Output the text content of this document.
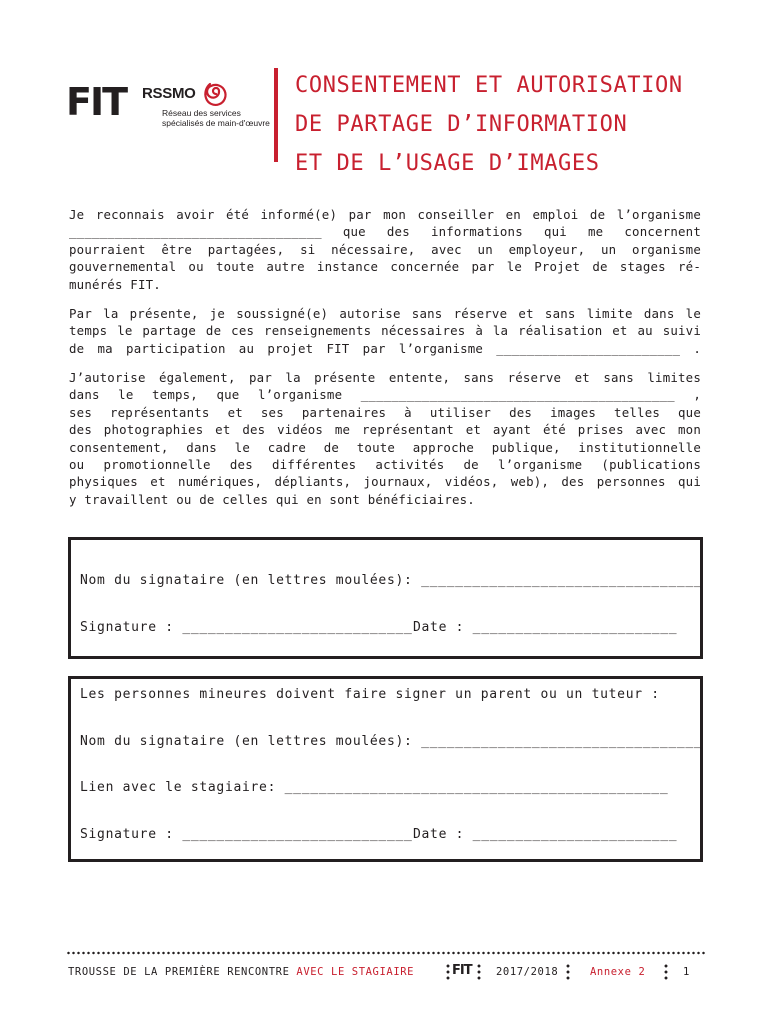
FIT RSSMO
Réseau des services
spécialisés de main-d'œuvre
CONSENTEMENT ET AUTORISATION
DE PARTAGE D’INFORMATION
ET DE L’USAGE D’IMAGES
Je reconnais avoir été informé(e) par mon conseiller en emploi de l’organisme
_________________________________ que des informations qui me concernent
pourraient être partagées, si nécessaire, avec un employeur, un organisme
gouvernemental ou toute autre instance concernée par le Projet de stages ré-
munérés FIT.
Par la présente, je soussigné(e) autorise sans réserve et sans limite dans le
temps le partage de ces renseignements nécessaires à la réalisation et au suivi
de ma participation au projet FIT par l’organisme ________________________ .
J’autorise également, par la présente entente, sans réserve et sans limites
dans le temps, que l’organisme _________________________________________ ,
ses représentants et ses partenaires à utiliser des images telles que
des photographies et des vidéos me représentant et ayant été prises avec mon
consentement, dans le cadre de toute approche publique, institutionnelle
ou promotionnelle des différentes activités de l’organisme (publications
physiques et numériques, dépliants, journaux, vidéos, web), des personnes qui
y travaillent ou de celles qui en sont bénéficiaires.
Nom du signataire (en lettres moulées): _________________________________
Signature : ___________________________ Date : ________________________
Les personnes mineures doivent faire signer un parent ou un tuteur :
Nom du signataire (en lettres moulées): _________________________________
Lien avec le stagiaire: _____________________________________________
Signature : ___________________________ Date : ________________________
TROUSSE DE LA PREMIÈRE RENCONTRE AVEC LE STAGIAIRE	FIT 2017/2018	Annexe 2	1
